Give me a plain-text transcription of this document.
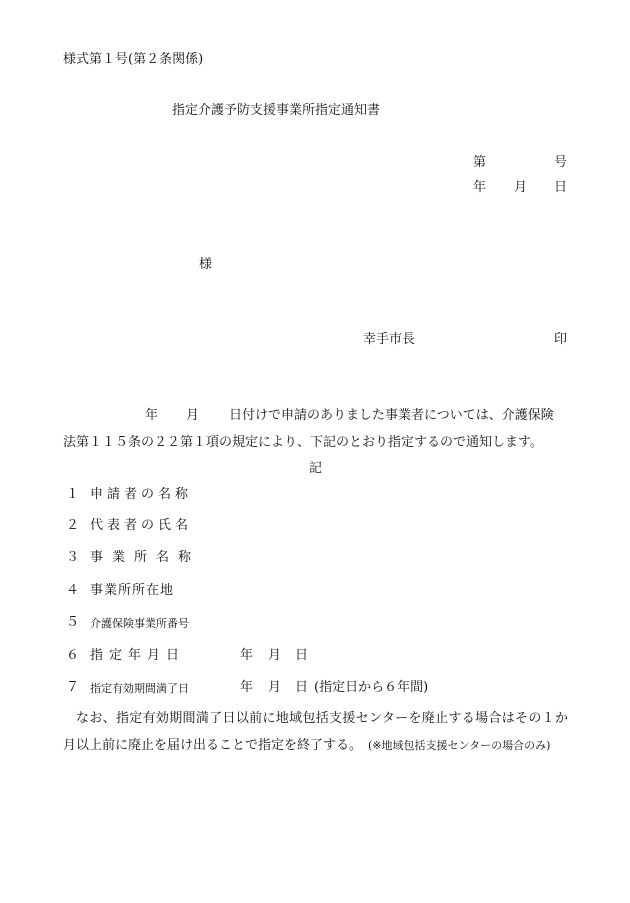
様式第１号(第２条関係)
指定介護予防支援事業所指定通知書
第	号
年 月 日
様
幸手市長	印
年 月 日付けで申請のありました事業者については、介護保険
法第１１５条の２２第１項の規定により、下記のとおり指定するので通知します。
記
１ 申請者の名称
２ 代表者の氏名
３ 事業所名称
４ 事業所所在地
５ 介護保険事業所番号
６ 指定年月日	年 月 日
７ 指定有効期間満了日	年 月 日 (指定日から６年間)
なお、指定有効期間満了日以前に地域包括支援センターを廃止する場合はその１か月以上前に廃止を届け出ることで指定を終了する。 (※地域包括支援センターの場合のみ)
